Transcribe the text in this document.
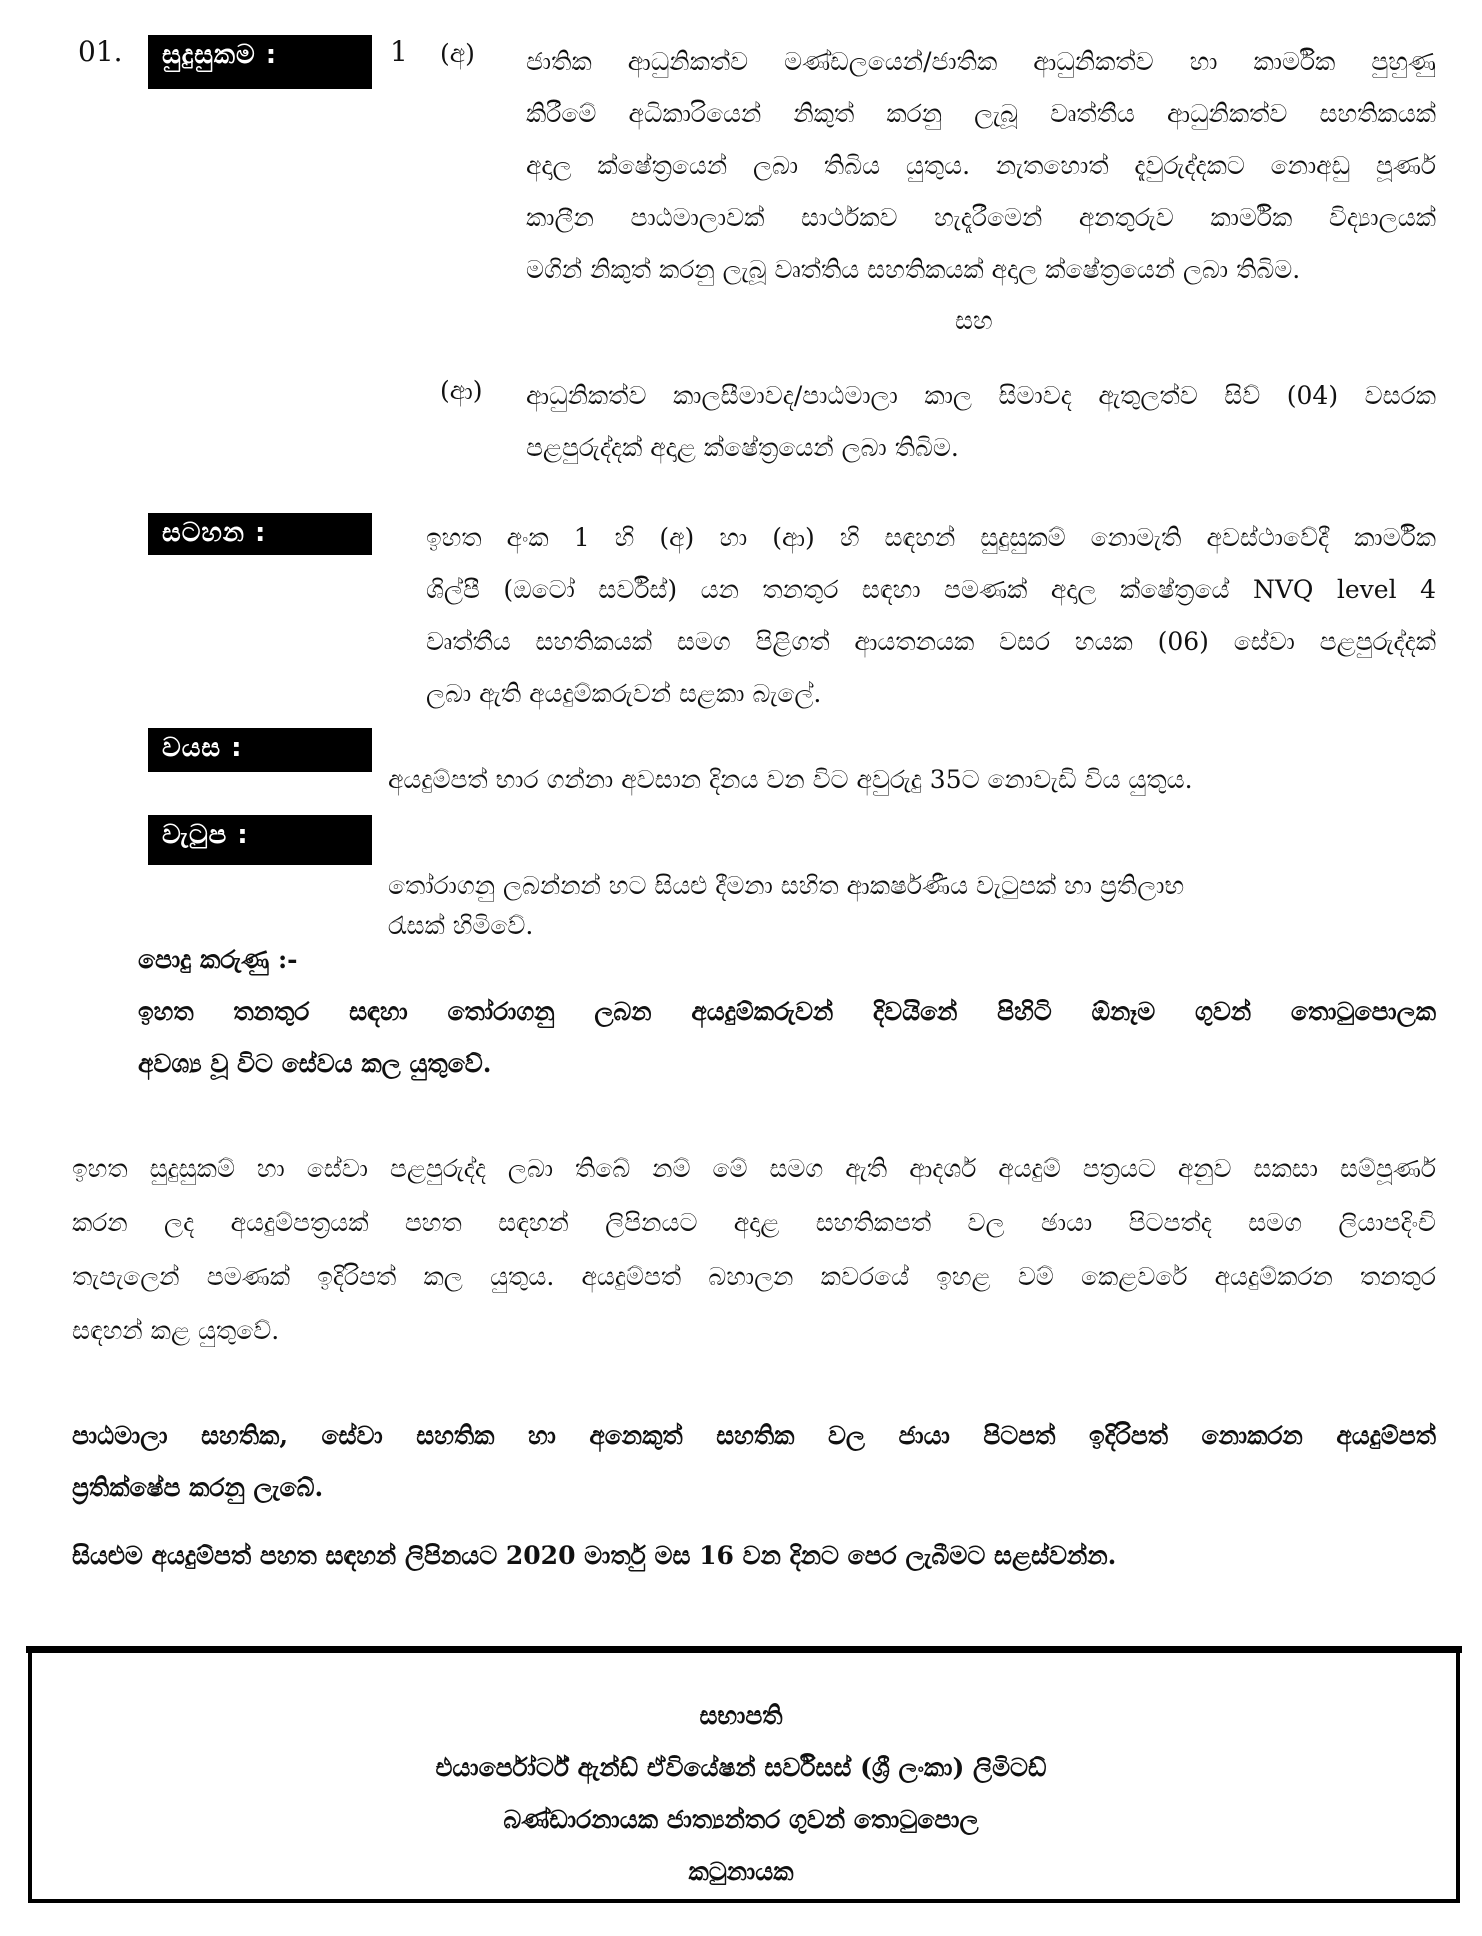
01.	සුදුසුකම :	1 (අ) ජාතික ආධුනිකත්ව මණ්ඩලයෙන්/ජාතික ආධුනිකත්ව හා කාර්මික පුහුණු
කිරීමේ අධිකාරියෙන් නිකුත් කරනු ලැබූ වෘත්තීය ආධුනිකත්ව සහතිකයක්
අදාල ක්ෂේත්‍රයෙන් ලබා තිබිය යුතුය. නැතහොත් දැවුරුද්දකට නොඅඩු පූර්ණ
කාලීන පාඨමාලාවක් සාර්ථකව හැදෑරීමෙන් අනතුරුව කාර්මික විද්‍යාලයක්
මගින් නිකුත් කරනු ලැබූ වෘත්තිය සහතිකයක් අදාල ක්ෂේත්‍රයෙන් ලබා තිබිම.
සහ
(ආ) ආධුනිකත්ව කාලසීමාවද/පාඨමාලා කාල සිමාවද ඇතුලත්ව සිව් (04) වසරක
පළපුරුද්දක් අදාළ ක්ෂේත්‍රයෙන් ලබා තිබිම.
සටහන :	ඉහත අංක 1 හි (අ) හා (ආ) හි සඳහන් සුදුසුකම් නොමැති අවස්ථාවේදී කාර්මික
ශිල්පී (ඔටෝ සර්විස්) යන තනතුර සඳහා පමණක් අදාල ක්ෂේත්‍රයේ NVQ level 4
වෘත්තීය සහතිකයක් සමග පිළිගත් ආයතනයක වසර හයක (06) සේවා පළපුරුද්දක්
ලබා ඇති අයදුම්කරුවන් සළකා බැලේ.
වයස :
අයදුම්පත් භාර ගන්නා අවසාන දිනය වන විට අවුරුදු 35ට නොවැඩි විය යුතුය.
වැටුප :
තෝරාගනු ලබන්නන් හට සියළු දීමනා සහිත ආකර්ෂණීය වැටුපක් හා ප්‍රතිලාභ
රැසක් හිමිවේ.
පොදු කරුණු :-
ඉහත තනතුර සඳහා තෝරාගනු ලබන අයදුම්කරුවන් දිවයිනේ පිහිටි ඕනෑම ගුවන් තොටුපොලක
අවශ්‍ය වූ විට සේවය කල යුතුවේ.
ඉහත සුදුසුකම් හා සේවා පළපුරුද්ද ලබා තිබේ නම් මේ සමග ඇති ආදර්ශ අයදුම් පත්‍රයට අනුව සකසා සම්පූර්ණ
කරන ලද අයදුම්පත්‍රයක් පහත සඳහන් ලිපිනයට අදාළ සහතිකපත් වල ඡායා පිටපත්ද සමග ලියාපදිංචි
තැපැලෙන් පමණක් ඉදිරිපත් කල යුතුය. අයදුම්පත් බහාලන කවරයේ ඉහළ වම් කෙළවරේ අයදුම්කරන තනතුර
සඳහන් කළ යුතුවේ.
පාඨමාලා සහතික, සේවා සහතික හා අනෙකුත් සහතික වල ජායා පිටපත් ඉදිරිපත් නොකරන අයදුම්පත්
ප්‍රතික්ෂේප කරනු ලැබේ.
සියළුම අයදුම්පත් පහත සඳහන් ලිපිනයට 2020 මාර්තු මස 16 වන දිනට පෙර ලැබීමට සළස්වන්න.
සභාපති
එයාර්පෝර්ට් ඇන්ඩ් ඒවියේෂන් සර්විසස් (ශ්‍රී ලංකා) ලිමිටඩ්
බණ්ඩාරනායක ජාත්‍යන්තර ගුවන් තොටුපොල
කටුනායක
